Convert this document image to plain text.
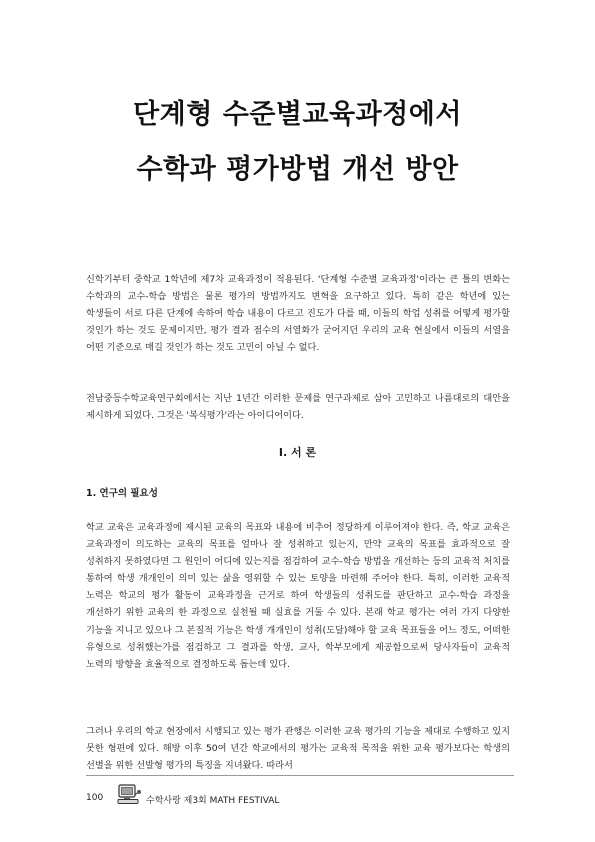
단계형 수준별교육과정에서
수학과 평가방법 개선 방안

신학기부터 중학교 1학년에 제7차 교육과정이 적용된다. '단계형 수준별 교육과정'이라는 큰 틀의 변화는 수학과의 교수-학습 방법은 물론 평가의 방법까지도 변혁을 요구하고 있다. 특히 같은 학년에 있는 학생들이 서로 다른 단계에 속하여 학습 내용이 다르고 진도가 다를 때, 이들의 학업 성취를 어떻게 평가할 것인가 하는 것도 문제이지만, 평가 결과 점수의 서열화가 굳어지던 우리의 교육 현실에서 이들의 서열을 어떤 기준으로 매길 것인가 하는 것도 고민이 아닐 수 없다.

전남중등수학교육연구회에서는 지난 1년간 이러한 문제를 연구과제로 삼아 고민하고 나름대로의 대안을 제시하게 되었다. 그것은 '복식평가'라는 아이디어이다.

I. 서 론
1. 연구의 필요성

학교 교육은 교육과정에 제시된 교육의 목표와 내용에 비추어 정당하게 이루어져야 한다. 즉, 학교 교육은 교육과정이 의도하는 교육의 목표를 얼마나 잘 성취하고 있는지, 만약 교육의 목표를 효과적으로 잘 성취하지 못하였다면 그 원인이 어디에 있는지를 점검하여 교수-학습 방법을 개선하는 등의 교육적 처치를 통하여 학생 개개인이 의미 있는 삶을 영위할 수 있는 토양을 마련해 주어야 한다. 특히, 이러한 교육적 노력은 학교의 평가 활동이 교육과정을 근거로 하여 학생들의 성취도를 판단하고 교수-학습 과정을 개선하기 위한 교육의 한 과정으로 실천될 때 실효를 거둘 수 있다. 본래 학교 평가는 여러 가지 다양한 기능을 지니고 있으나 그 본질적 기능은 학생 개개인이 성취(도달)해야 할 교육 목표들을 어느 정도, 어떠한 유형으로 성취했는가를 점검하고 그 결과를 학생, 교사, 학부모에게 제공함으로써 당사자들이 교육적 노력의 방향을 효율적으로 결정하도록 돕는데 있다.

그러나 우리의 학교 현장에서 시행되고 있는 평가 관행은 이러한 교육 평가의 기능을 제대로 수행하고 있지 못한 형편에 있다. 해방 이후 50여 년간 학교에서의 평가는 교육적 목적을 위한 교육 평가보다는 학생의 선별을 위한 선발형 평가의 특징을 지녀왔다. 따라서

100	수학사랑 제3회 MATH FESTIVAL
